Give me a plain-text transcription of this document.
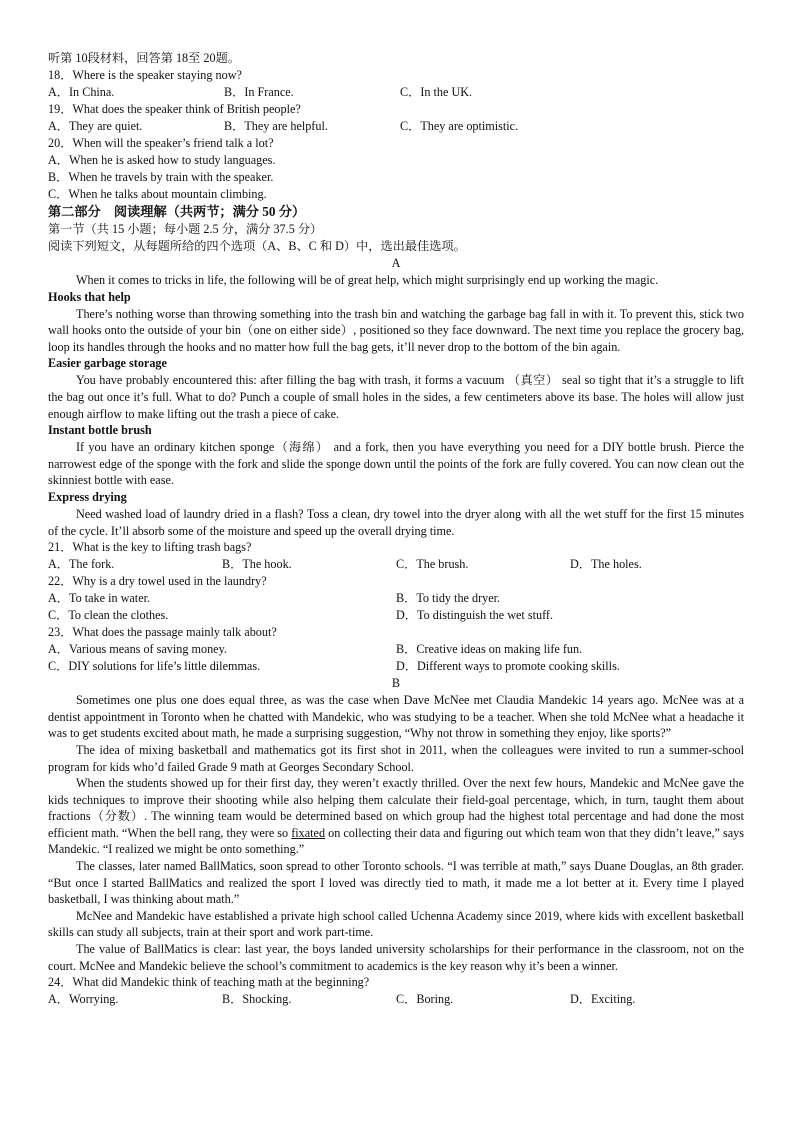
听第 10段材料，回答第 18至 20题。
18．Where is the speaker staying now?
A．In China.	B．In France.	C．In the UK.
19．What does the speaker think of British people?
A．They are quiet.	B．They are helpful.	C．They are optimistic.
20．When will the speaker’s friend talk a lot?
A．When he is asked how to study languages.
B．When he travels by train with the speaker.
C．When he talks about mountain climbing.
第二部分　阅读理解（共两节；满分 50 分）
第一节（共 15 小题；每小题 2.5 分，满分 37.5 分）
阅读下列短文，从每题所给的四个选项（A、B、C 和 D）中，选出最佳选项。
A

When it comes to tricks in life, the following will be of great help, which might surprisingly end up working the magic.

Hooks that help

There’s nothing worse than throwing something into the trash bin and watching the garbage bag fall in with it. To prevent this, stick two wall hooks onto the outside of your bin（one on either side）, positioned so they face downward. The next time you replace the grocery bag, loop its handles through the hooks and no matter how full the bag gets, it’ll never drop to the bottom of the bin again.

Easier garbage storage

You have probably encountered this: after filling the bag with trash, it forms a vacuum （真空） seal so tight that it’s a struggle to lift the bag out once it’s full. What to do? Punch a couple of small holes in the sides, a few centimeters above its base. The holes will allow just enough airflow to make lifting out the trash a piece of cake.

Instant bottle brush

If you have an ordinary kitchen sponge（海绵） and a fork, then you have everything you need for a DIY bottle brush. Pierce the narrowest edge of the sponge with the fork and slide the sponge down until the points of the fork are fully covered. You can now clean out the skinniest bottle with ease.

Express drying

Need washed load of laundry dried in a flash? Toss a clean, dry towel into the dryer along with all the wet stuff for the first 15 minutes of the cycle. It’ll absorb some of the moisture and speed up the overall drying time.

21．What is the key to lifting trash bags?
A．The fork.	B．The hook.	C．The brush.	D．The holes.
22．Why is a dry towel used in the laundry?
A．To take in water.	B．To tidy the dryer.
C．To clean the clothes.	D．To distinguish the wet stuff.
23．What does the passage mainly talk about?
A．Various means of saving money.	B．Creative ideas on making life fun.
C．DIY solutions for life’s little dilemmas.	D．Different ways to promote cooking skills.
B

Sometimes one plus one does equal three, as was the case when Dave McNee met Claudia Mandekic 14 years ago. McNee was at a dentist appointment in Toronto when he chatted with Mandekic, who was studying to be a teacher. When she told McNee what a headache it was to get students excited about math, he made a surprising suggestion, “Why not throw in something they enjoy, like sports?”

The idea of mixing basketball and mathematics got its first shot in 2011, when the colleagues were invited to run a summer-school program for kids who’d failed Grade 9 math at Georges Secondary School.

When the students showed up for their first day, they weren’t exactly thrilled. Over the next few hours, Mandekic and McNee gave the kids techniques to improve their shooting while also helping them calculate their field-goal percentage, which, in turn, taught them about fractions（分数）. The winning team would be determined based on which group had the highest total percentage and had done the most efficient math. “When the bell rang, they were so fixated on collecting their data and figuring out which team won that they didn’t leave,” says Mandekic. “I realized we might be onto something.”

The classes, later named BallMatics, soon spread to other Toronto schools. “I was terrible at math,” says Duane Douglas, an 8th grader. “But once I started BallMatics and realized the sport I loved was directly tied to math, it made me a lot better at it. Every time I played basketball, I was thinking about math.”

McNee and Mandekic have established a private high school called Uchenna Academy since 2019, where kids with excellent basketball skills can study all subjects, train at their sport and work part-time.

The value of BallMatics is clear: last year, the boys landed university scholarships for their performance in the classroom, not on the court. McNee and Mandekic believe the school’s commitment to academics is the key reason why it’s been a winner.

24．What did Mandekic think of teaching math at the beginning?
A．Worrying.	B．Shocking.	C．Boring.	D．Exciting.
